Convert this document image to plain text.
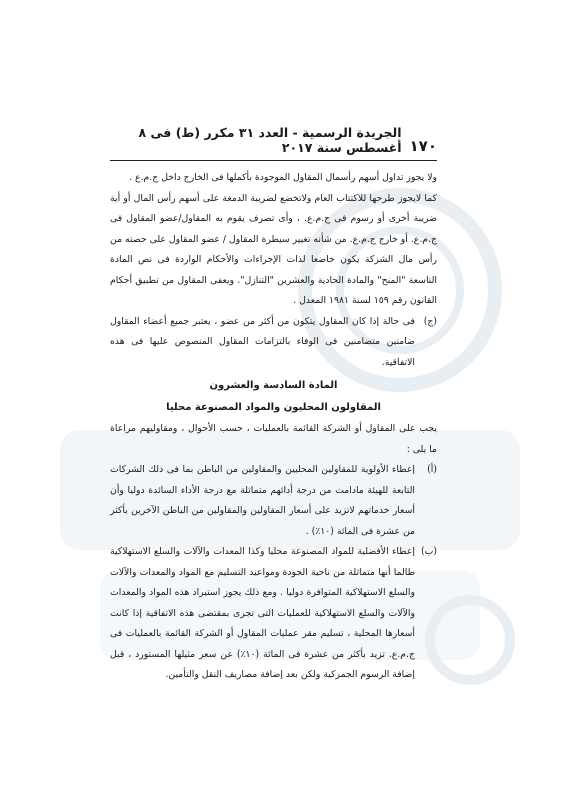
١٧٠
الجريدة الرسمية - العدد ٣١ مكرر (ط) فى ٨ أغسطس سنة ٢٠١٧

ولا يجوز تداول أسهم رأسمال المقاول الموجودة بأكملها فى الخارج داخل ج.م.ع .

كما لايجوز طرحها للاكتتاب العام ولاتخضع لضريبة الدمغة على أسهم رأس المال أو أية ضريبة أخرى أو رسوم فى ج.م.ع. ، وأى تصرف يقوم به المقاول/عضو المقاول فى ج.م.ع. أو خارج ج.م.ع. من شأنه تغيير سيطرة المقاول / عضو المقاول على حصته من رأس مال الشركة يكون خاضعا لذات الإجراءات والأحكام الواردة فى نص المادة التاسعة "المنح" والمادة الحادية والعشرين "التنازل". ويعفى المقاول من تطبيق أحكام القانون رقم ١٥٩ لسنة ١٩٨١ المعدل .

(ج)
فى حالة إذا كان المقاول يتكون من أكثر من عضو ، يعتبر جميع أعضاء المقاول ضامنين متضامنين فى الوفاء بالتزامات المقاول المنصوص عليها فى هذه الاتفاقية.
المادة السادسة والعشرون
المقاولون المحليون والمواد المصنوعة محليا

يجب على المقاول أو الشركة القائمة بالعمليات ، حسب الأحوال ، ومقاوليهم مراعاة ما يلى :

(أ)
إعطاء الأولوية للمقاولين المحليين والمقاولين من الباطن بما فى ذلك الشركات التابعة للهيئة مادامت من درجة أدائهم متماثلة مع درجة الأداء السائدة دوليا وأن أسعار خدماتهم لاتزيد على أسعار المقاولين والمقاولين من الباطن الآخرين بأكثر من عشرة فى المائة (١٠٪) .
(ب)
إعطاء الأفضلية للمواد المصنوعة محليا وكذا المعدات والآلات والسلع الاستهلاكية طالما أنها متماثلة من ناحية الجودة ومواعيد التسليم مع المواد والمعدات والآلات والسلع الاستهلاكية المتوافرة دوليا . ومع ذلك يجوز استيراد هذه المواد والمعدات والآلات والسلع الاستهلاكية للعمليات التى تجرى بمقتضى هذه الاتفاقية إذا كانت أسعارها المحلية ، تسليم مقر عمليات المقاول أو الشركة القائمة بالعمليات فى ج.م.ع. تزيد بأكثر من عشرة فى المائة (١٠٪) عن سعر مثيلها المستورد ، قبل إضافة الرسوم الجمركية ولكن بعد إضافة مصاريف النقل والتأمين.
